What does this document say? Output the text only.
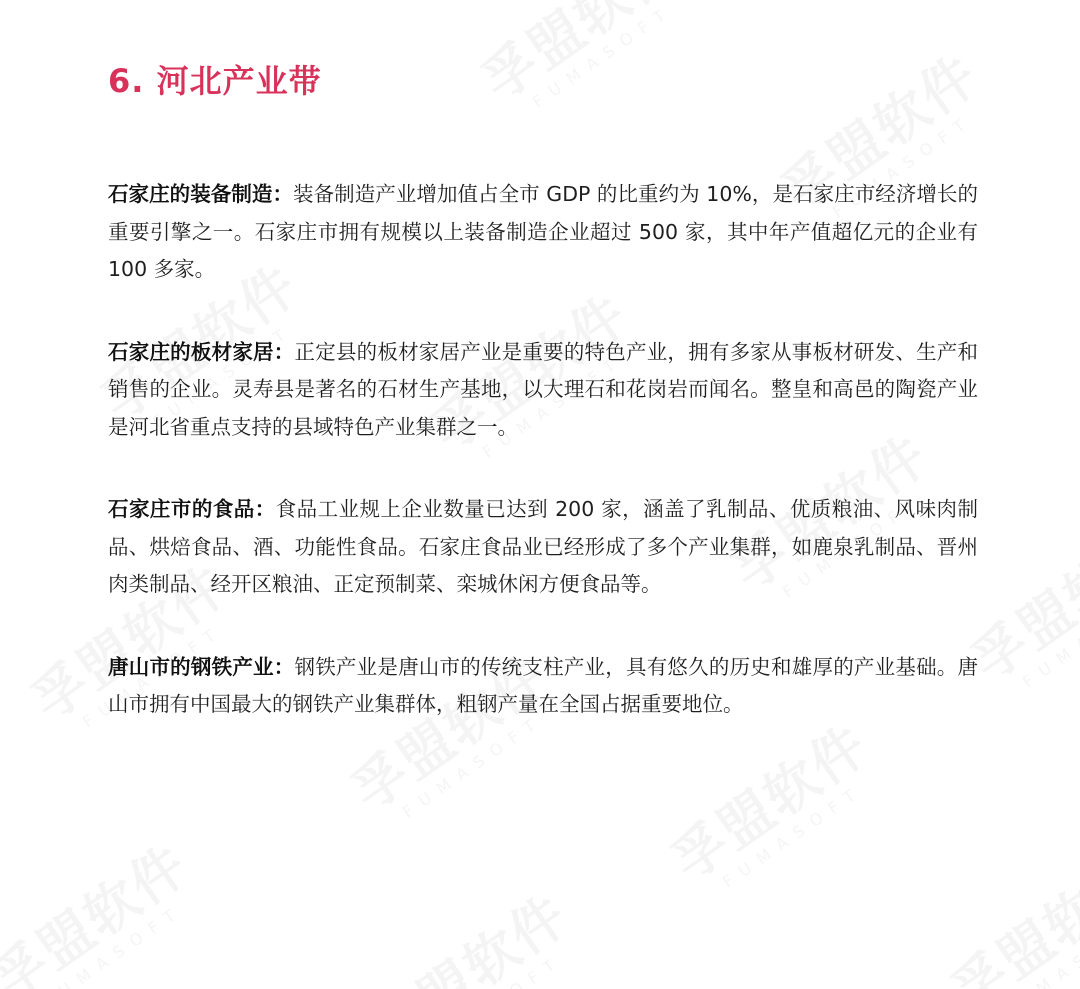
6. 河北产业带

石家庄的装备制造：装备制造产业增加值占全市 GDP 的比重约为 10%，是石家庄市经济增长的重要引擎之一。石家庄市拥有规模以上装备制造企业超过 500 家，其中年产值超亿元的企业有 100 多家。

石家庄的板材家居：正定县的板材家居产业是重要的特色产业，拥有多家从事板材研发、生产和销售的企业。灵寿县是著名的石材生产基地，以大理石和花岗岩而闻名。整皇和高邑的陶瓷产业是河北省重点支持的县域特色产业集群之一。

石家庄市的食品：食品工业规上企业数量已达到 200 家，涵盖了乳制品、优质粮油、风味肉制品、烘焙食品、酒、功能性食品。石家庄食品业已经形成了多个产业集群，如鹿泉乳制品、晋州肉类制品、经开区粮油、正定预制菜、栾城休闲方便食品等。

唐山市的钢铁产业：钢铁产业是唐山市的传统支柱产业，具有悠久的历史和雄厚的产业基础。唐山市拥有中国最大的钢铁产业集群体，粗钢产量在全国占据重要地位。
